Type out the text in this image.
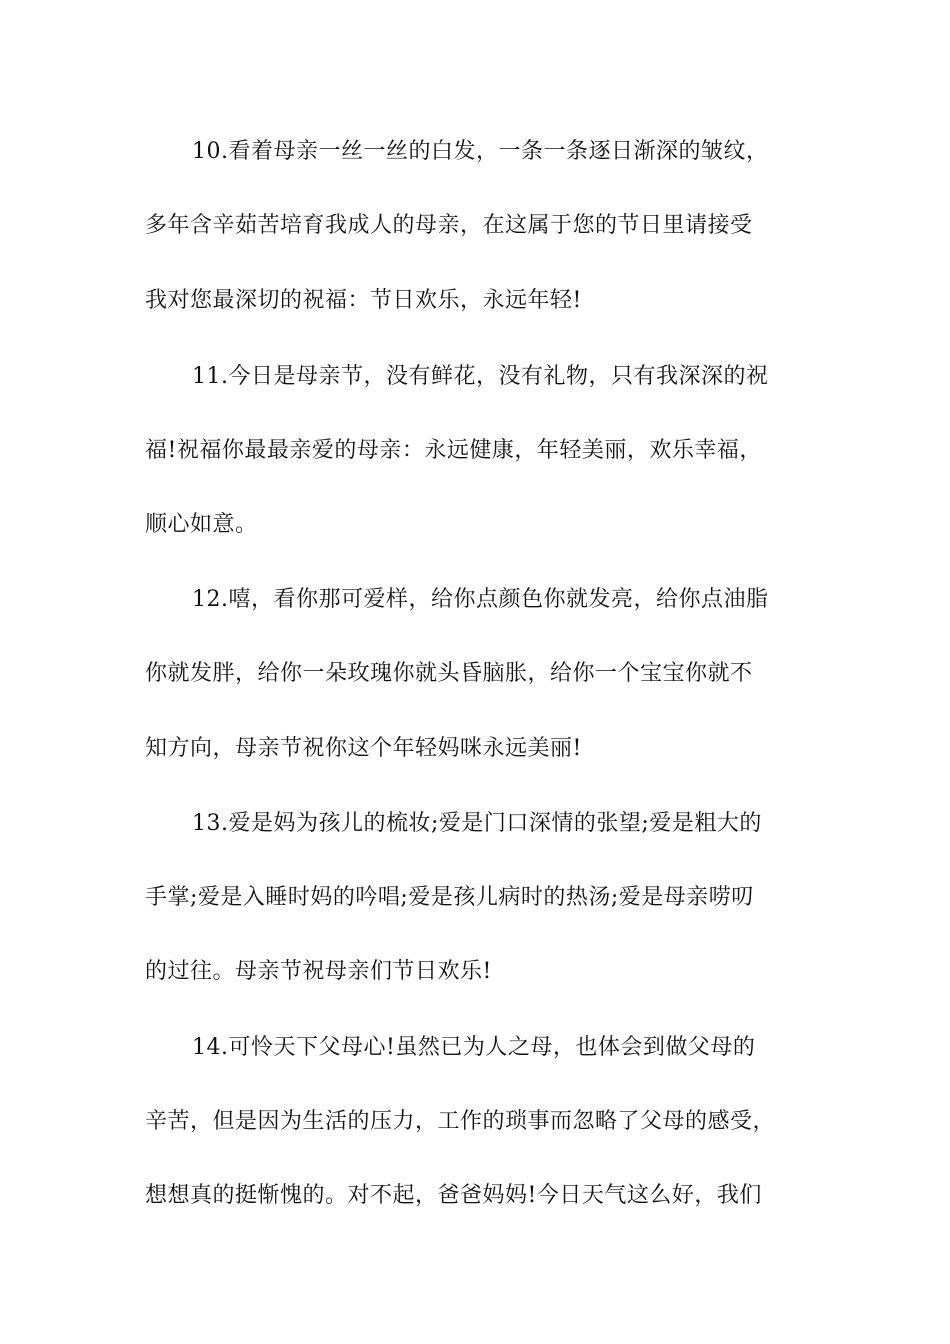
10.看着母亲一丝一丝的白发，一条一条逐日渐深的皱纹，
多年含辛茹苦培育我成人的母亲，在这属于您的节日里请接受
我对您最深切的祝福：节日欢乐，永远年轻!
11.今日是母亲节，没有鲜花，没有礼物，只有我深深的祝
福!祝福你最最亲爱的母亲：永远健康，年轻美丽，欢乐幸福，
顺心如意。
12.嘻，看你那可爱样，给你点颜色你就发亮，给你点油脂
你就发胖，给你一朵玫瑰你就头昏脑胀，给你一个宝宝你就不
知方向，母亲节祝你这个年轻妈咪永远美丽!
13.爱是妈为孩儿的梳妆;爱是门口深情的张望;爱是粗大的
手掌;爱是入睡时妈的吟唱;爱是孩儿病时的热汤;爱是母亲唠叨
的过往。母亲节祝母亲们节日欢乐!
14.可怜天下父母心!虽然已为人之母，也体会到做父母的
辛苦，但是因为生活的压力，工作的琐事而忽略了父母的感受，
想想真的挺惭愧的。对不起，爸爸妈妈!今日天气这么好，我们
